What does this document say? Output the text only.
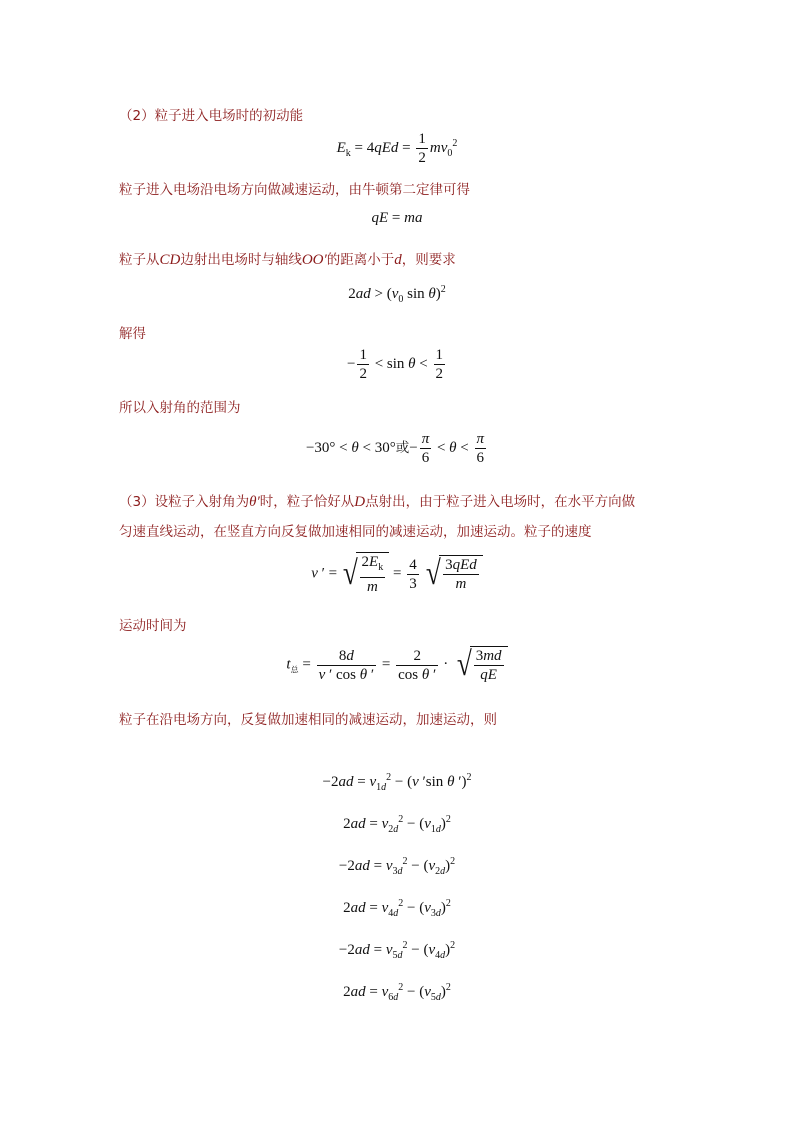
（2）粒子进入电场时的初动能
$E_k = 4qEd = \frac{1}{2} mv_0^2$
粒子进入电场沿电场方向做减速运动，由牛顿第二定律可得
qE = ma
粒子从CD边射出电场时与轴线OO′的距离小于d，则要求
$2ad > (v_0$ sin θ)$^2$
解得
− $\frac{1}{2} < \sin \theta < \frac{1}{2}$
所以入射角的范围为
−30° < θ < 30°或− $\frac{\pi}{6} < \theta < \frac{\pi}{6}$
（3）设粒子入射角为θ′时，粒子恰好从D点射出，由于粒子进入电场时，在水平方向做
匀速直线运动，在竖直方向反复做加速相同的减速运动，加速运动。粒子的速度
v ′ = √ $\frac{2E_k}{m} = \frac{4}{3}$ √ $\frac{\text{3qEd}}{m}$
运动时间为
$t_总 = \frac{8d}{\text{v ′ cos θ ′}} = \frac{2}{\text{cos θ ′}}$ · √ $\frac{3md}{qE}$
粒子在沿电场方向，反复做加速相同的减速运动，加速运动，则
$-2ad = v_{1d}^2 - (v$ ′sin θ ′)$^2$
$2ad = v_{2d}^2 - (v_{1d})^2$
$-2ad = v_{3d}^2 - (v_{2d})^2$
$2ad = v_{4d}^2 - (v_{3d})^2$
$-2ad = v_{5d}^2 - (v_{4d})^2$
$2ad = v_{6d}^2 - (v_{5d})^2$
